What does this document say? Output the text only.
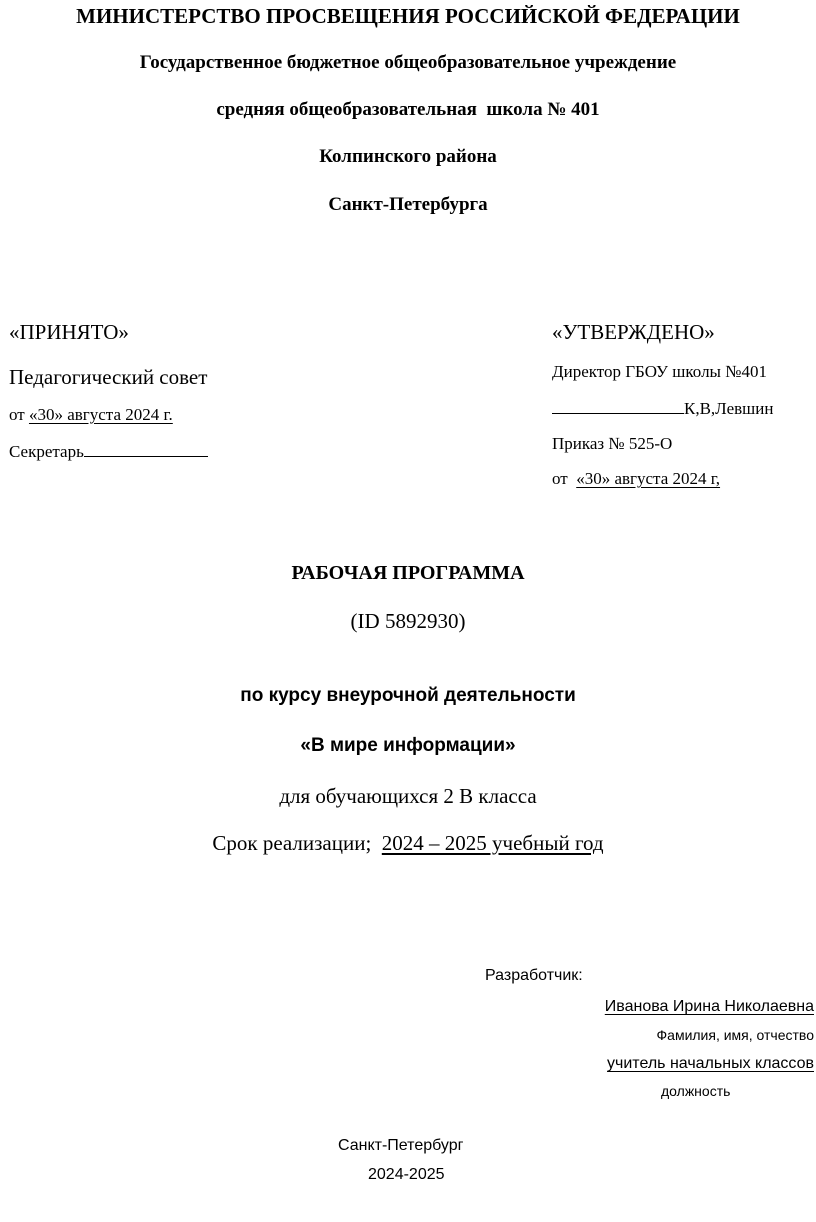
МИНИСТЕРСТВО ПРОСВЕЩЕНИЯ РОССИЙСКОЙ ФЕДЕРАЦИИ
Государственное бюджетное общеобразовательное учреждение
средняя общеобразовательная  школа № 401
Колпинского района
Санкт-Петербурга
«ПРИНЯТО»
Педагогический совет
от «30» августа 2024 г.
Секретарь
«УТВЕРЖДЕНО»
Директор ГБОУ школы №401
К,В,Левшин
Приказ № 525-О
от  «30» августа 2024 г,
РАБОЧАЯ ПРОГРАММА
(ID 5892930)
по курсу внеурочной деятельности
«В мире информации»
для обучающихся 2 В класса
Срок реализации;  2024 – 2025 учебный год
Разработчик:
Иванова Ирина Николаевна
Фамилия, имя, отчество
учитель начальных классов
должность
Санкт-Петербург
2024-2025
